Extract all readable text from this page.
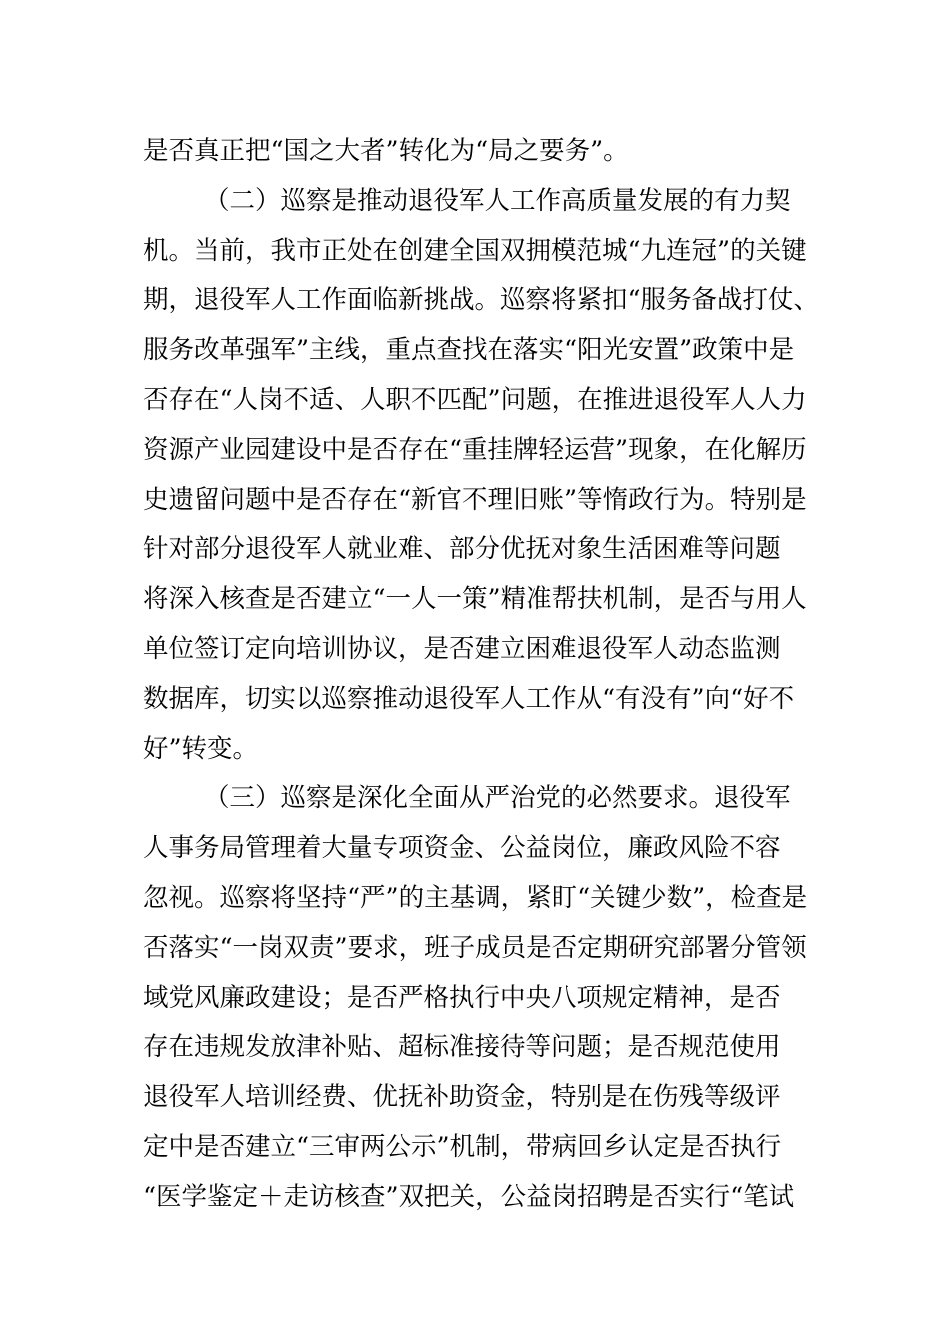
是否真正把“国之大者”转化为“局之要务”。
（二）巡察是推动退役军人工作高质量发展的有力契
机。当前，我市正处在创建全国双拥模范城“九连冠”的关键
期，退役军人工作面临新挑战。巡察将紧扣“服务备战打仗、
服务改革强军”主线，重点查找在落实“阳光安置”政策中是
否存在“人岗不适、人职不匹配”问题，在推进退役军人人力
资源产业园建设中是否存在“重挂牌轻运营”现象，在化解历
史遗留问题中是否存在“新官不理旧账”等惰政行为。特别是
针对部分退役军人就业难、部分优抚对象生活困难等问题
将深入核查是否建立“一人一策”精准帮扶机制，是否与用人
单位签订定向培训协议，是否建立困难退役军人动态监测
数据库，切实以巡察推动退役军人工作从“有没有”向“好不
好”转变。
（三）巡察是深化全面从严治党的必然要求。退役军
人事务局管理着大量专项资金、公益岗位，廉政风险不容
忽视。巡察将坚持“严”的主基调，紧盯“关键少数”，检查是
否落实“一岗双责”要求，班子成员是否定期研究部署分管领
域党风廉政建设；是否严格执行中央八项规定精神，是否
存在违规发放津补贴、超标准接待等问题；是否规范使用
退役军人培训经费、优抚补助资金，特别是在伤残等级评
定中是否建立“三审两公示”机制，带病回乡认定是否执行
“医学鉴定＋走访核查”双把关，公益岗招聘是否实行“笔试
